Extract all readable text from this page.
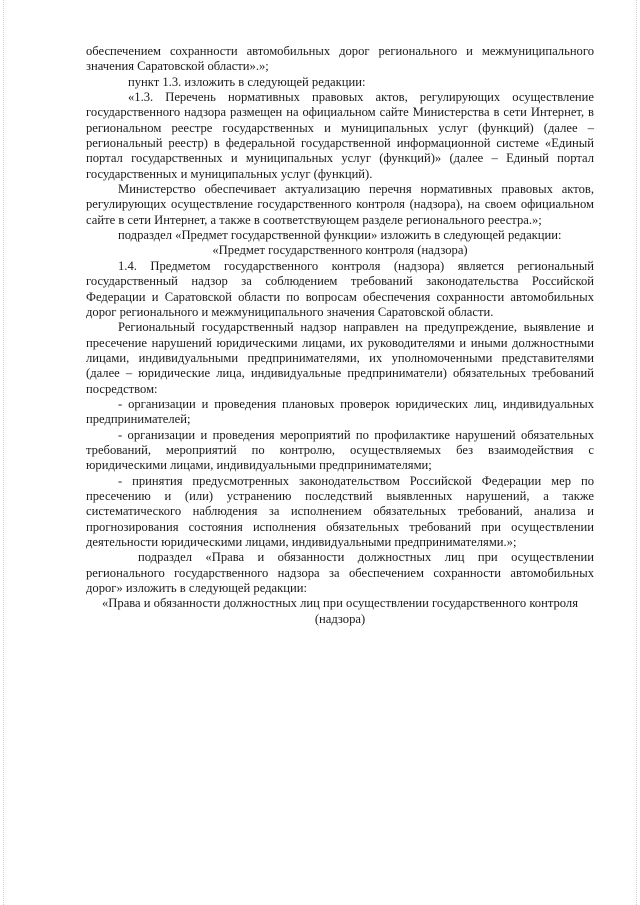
обеспечением сохранности автомобильных дорог регионального и межмуниципального значения Саратовской области».»;

пункт 1.3. изложить в следующей редакции:

«1.3. Перечень нормативных правовых актов, регулирующих осуществление государственного надзора размещен на официальном сайте Министерства в сети Интернет, в региональном реестре государственных и муниципальных услуг (функций) (далее – региональный реестр) в федеральной государственной информационной системе «Единый портал государственных и муниципальных услуг (функций)» (далее – Единый портал государственных и муниципальных услуг (функций).

Министерство обеспечивает актуализацию перечня нормативных правовых актов, регулирующих осуществление государственного контроля (надзора), на своем официальном сайте в сети Интернет, а также в соответствующем разделе регионального реестра.»;

подраздел «Предмет государственной функции» изложить в следующей редакции:

«Предмет государственного контроля (надзора)

1.4. Предметом государственного контроля (надзора) является региональный государственный надзор за соблюдением требований законодательства Российской Федерации и Саратовской области по вопросам обеспечения сохранности автомобильных дорог регионального и межмуниципального значения Саратовской области.

Региональный государственный надзор направлен на предупреждение, выявление и пресечение нарушений юридическими лицами, их руководителями и иными должностными лицами, индивидуальными предпринимателями, их уполномоченными представителями (далее – юридические лица, индивидуальные предприниматели) обязательных требований посредством:

- организации и проведения плановых проверок юридических лиц, индивидуальных предпринимателей;

- организации и проведения мероприятий по профилактике нарушений обязательных требований, мероприятий по контролю, осуществляемых без взаимодействия с юридическими лицами, индивидуальными предпринимателями;

- принятия предусмотренных законодательством Российской Федерации мер по пресечению и (или) устранению последствий выявленных нарушений, а также систематического наблюдения за исполнением обязательных требований, анализа и прогнозирования состояния исполнения обязательных требований при осуществлении деятельности юридическими лицами, индивидуальными предпринимателями.»;

подраздел «Права и обязанности должностных лиц при осуществлении регионального государственного надзора за обеспечением сохранности автомобильных дорог» изложить в следующей редакции:

«Права и обязанности должностных лиц при осуществлении государственного контроля (надзора)
